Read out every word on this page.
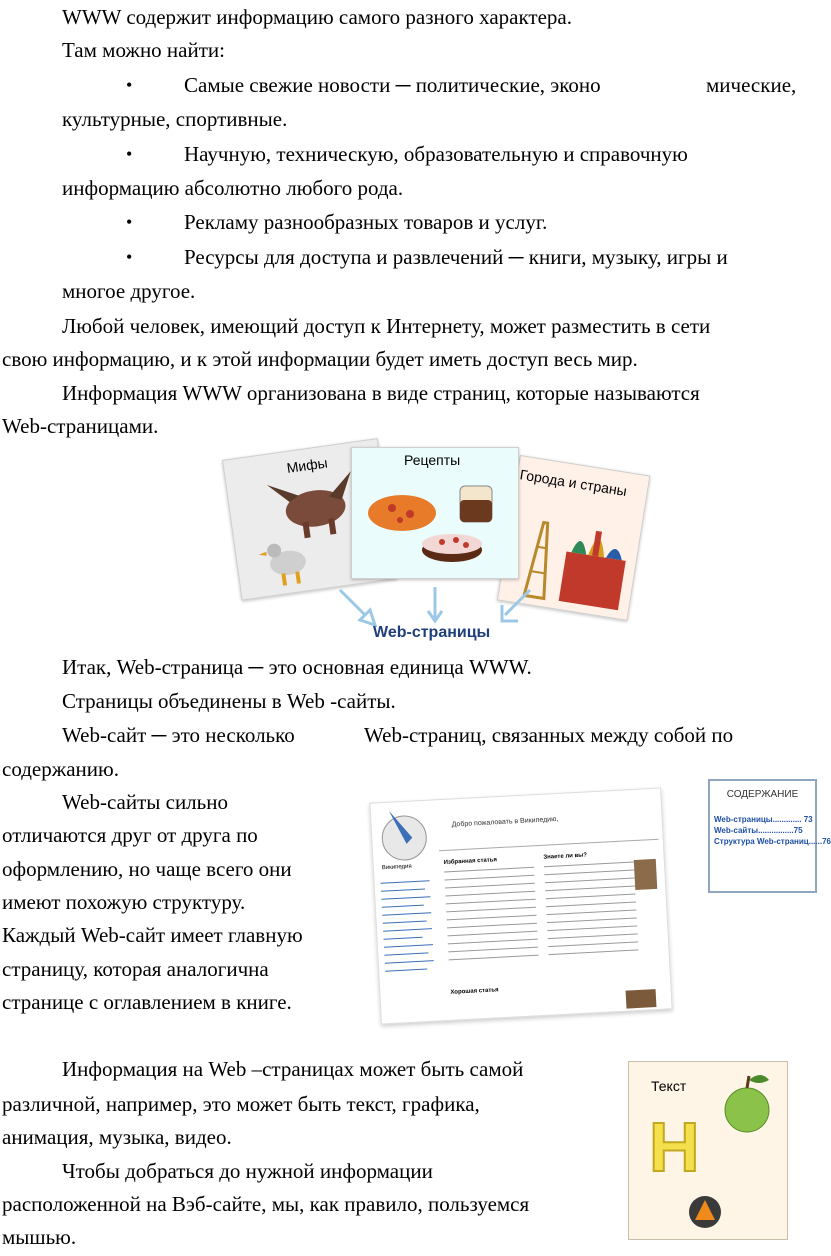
WWW содержит информацию самого разного характера.
Там можно найти:
• Самые свежие новости ─ политические, эконо	мические,
культурные, спортивные.
• Научную, техническую, образовательную и справочную
информацию абсолютно любого рода.
• Рекламу разнообразных товаров и услуг.
• Ресурсы для доступа и развлечений ─ книги, музыку, игры и
многое другое.
Любой человек, имеющий доступ к Интернету, может разместить в сети
свою информацию, и к этой информации будет иметь доступ весь мир.
Информация WWW организована в виде страниц, которые называются
Web-страницами.
Мифы
Города и страны
Рецепты
Web-страницы
Итак, Web-страница ─ это основная единица WWW.
Страницы объединены в Web -сайты.
Web-сайт ─ это несколько	Web-страниц, связанных между собой по
содержанию.
Web-сайты сильно
отличаются друг от друга по
оформлению, но чаще всего они
имеют похожую структуру.
Каждый Web-сайт имеет главную
страницу, которая аналогична
странице с оглавлением в книге.
Википедия
Добро пожаловать в Википедию,
Избранная статья
Знаете ли вы?
Хорошая статья
СОДЕРЖАНИЕ
Web-страницы............. 73
Web-сайты................75
Структура Web-страниц......76
Информация на Web –страницах может быть самой
различной, например, это может быть текст, графика,
анимация, музыка, видео.
Чтобы добраться до нужной информации
расположенной на Вэб-сайте, мы, как правило, пользуемся
мышью.
Текст
H
